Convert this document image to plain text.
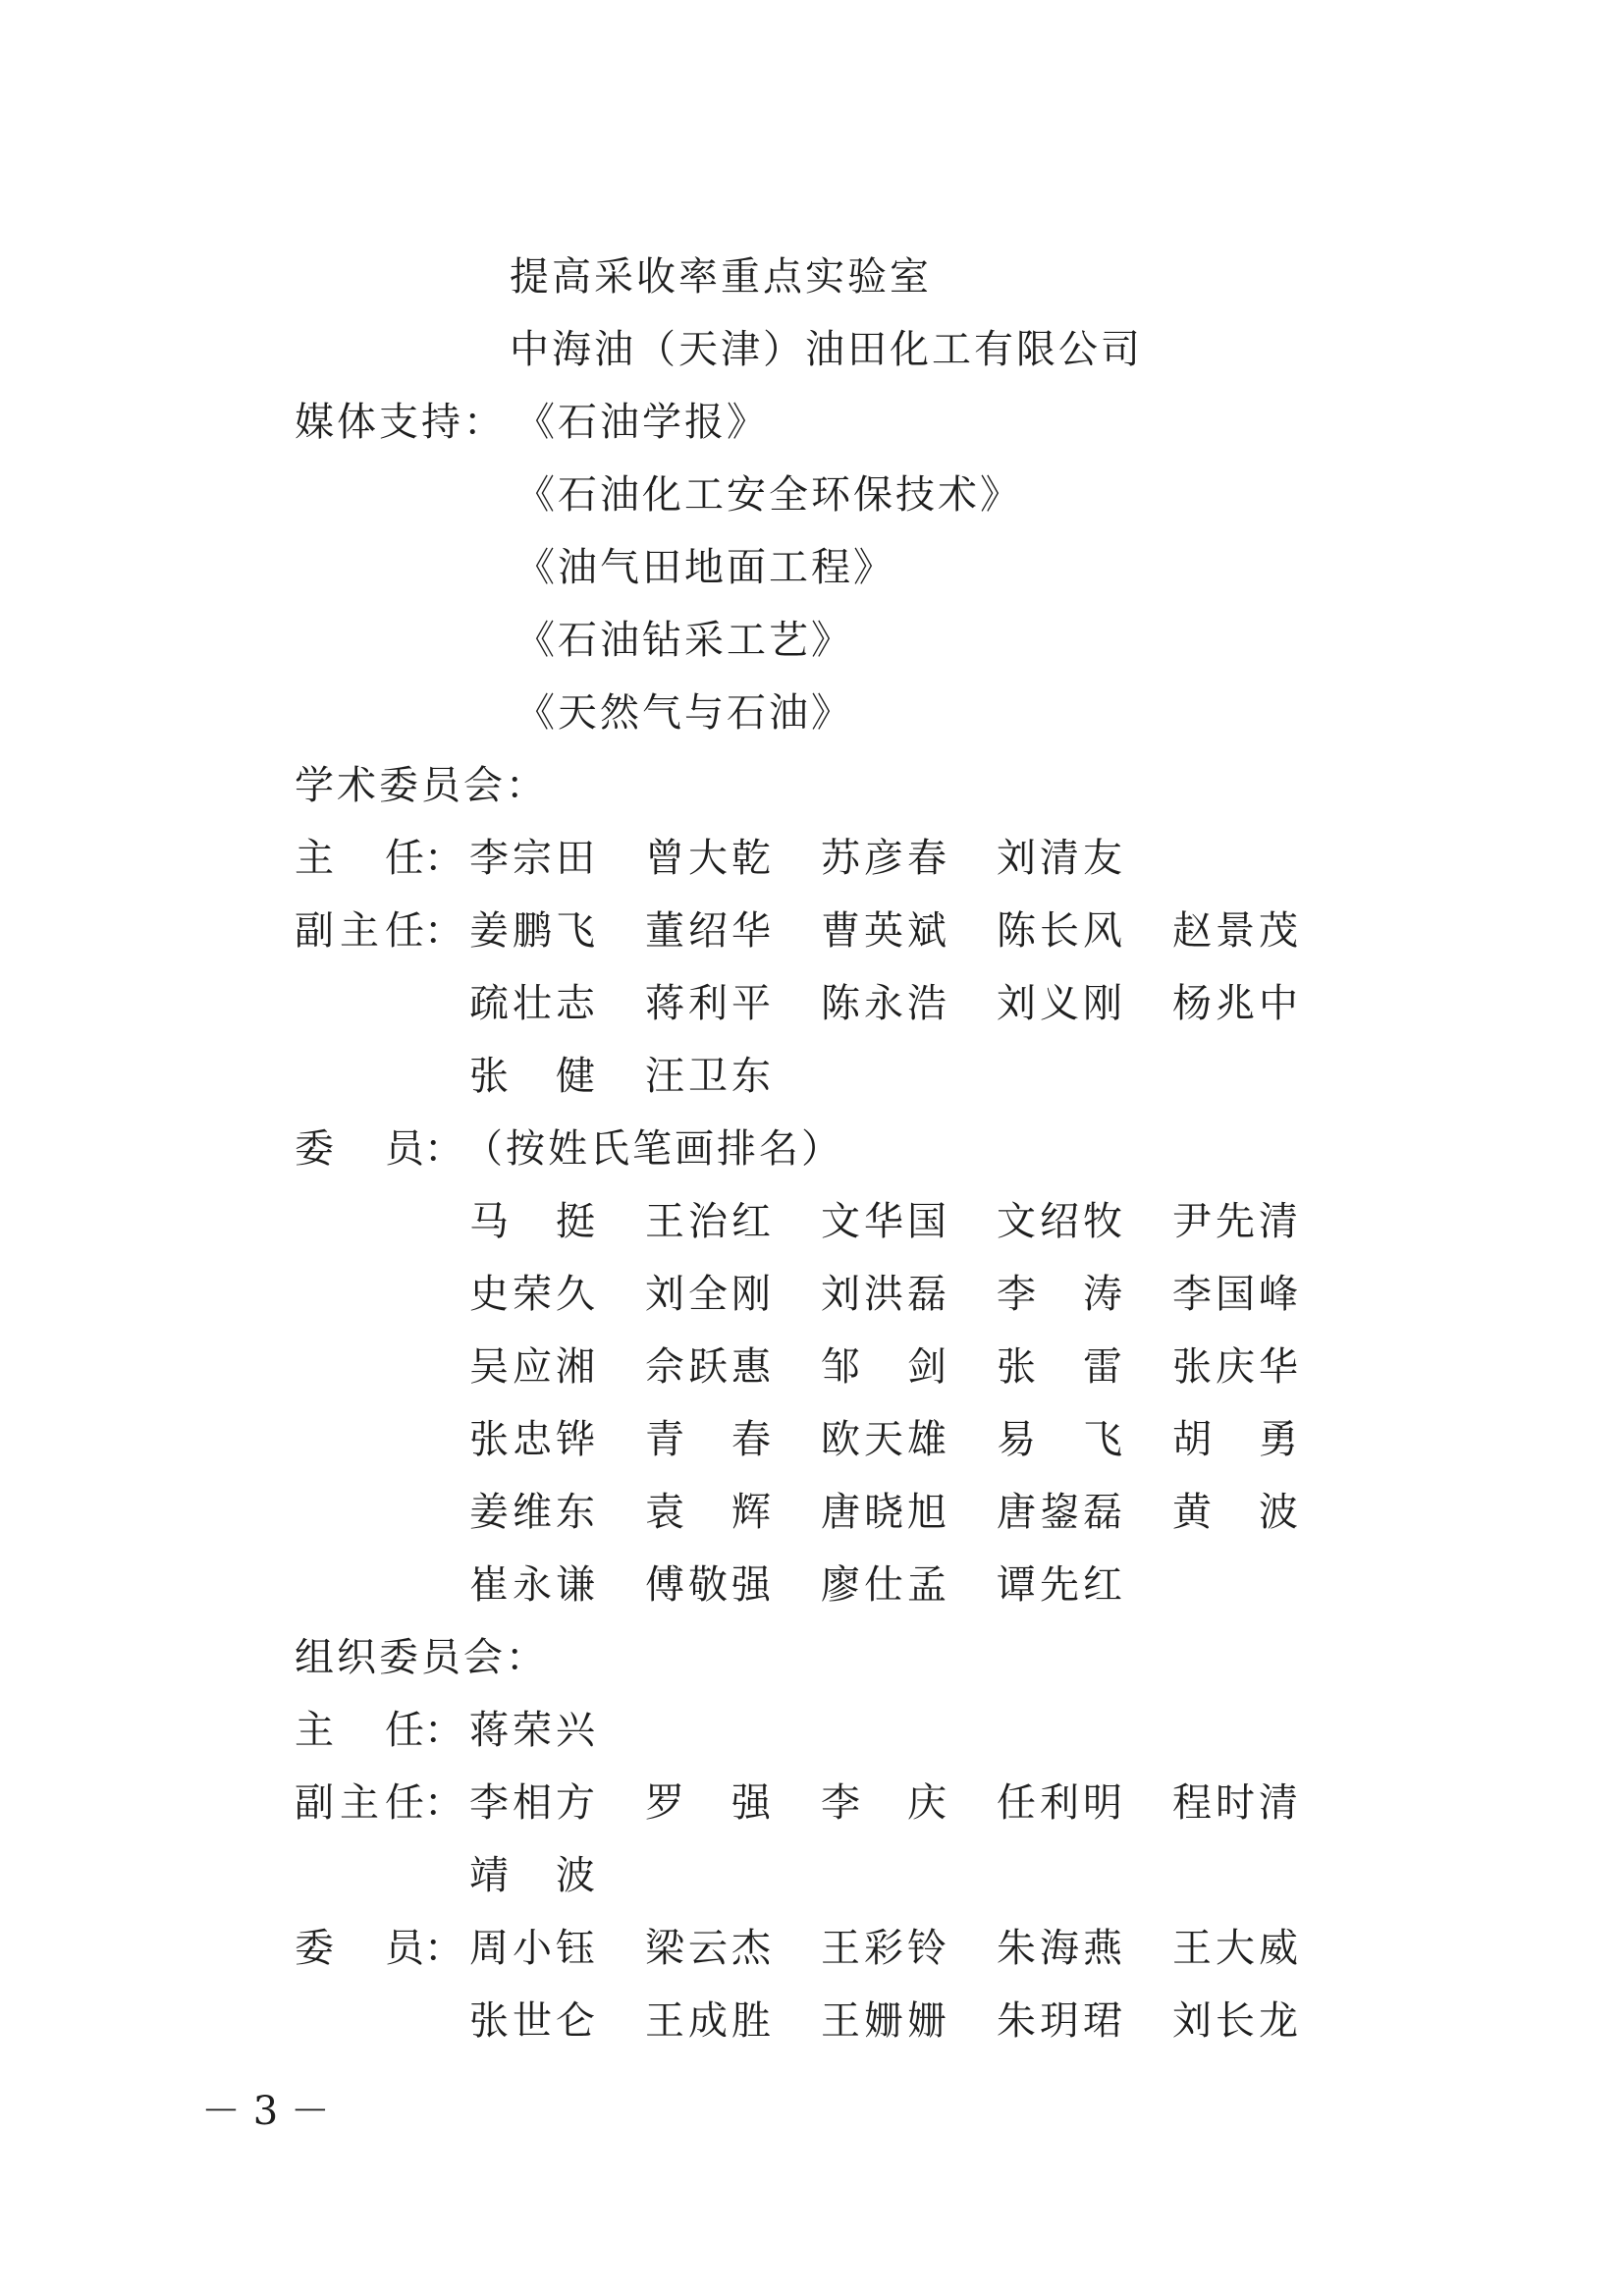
提高采收率重点实验室
中海油（天津）油田化工有限公司
媒体支持： 《石油学报》
《石油化工安全环保技术》
《油气田地面工程》
《石油钻采工艺》
《天然气与石油》
学术委员会：
主　任： 李宗田 曾大乾 苏彦春 刘清友
副主任： 姜鹏飞 董绍华 曹英斌 陈长风 赵景茂
疏壮志 蒋利平 陈永浩 刘义刚 杨兆中
张　健 汪卫东
委　员： （按姓氏笔画排名）
马　挺 王治红 文华国 文绍牧 尹先清
史荣久 刘全刚 刘洪磊 李　涛 李国峰
吴应湘 佘跃惠 邹　剑 张　雷 张庆华
张忠铧 青　春 欧天雄 易　飞 胡　勇
姜维东 袁　辉 唐晓旭 唐鋆磊 黄　波
崔永谦 傅敬强 廖仕孟 谭先红
组织委员会：
主　任： 蒋荣兴
副主任： 李相方 罗　强 李　庆 任利明 程时清
靖　波
委　员： 周小钰 梁云杰 王彩铃 朱海燕 王大威
张世仑 王成胜 王姗姗 朱玥珺 刘长龙
－ 3 －
